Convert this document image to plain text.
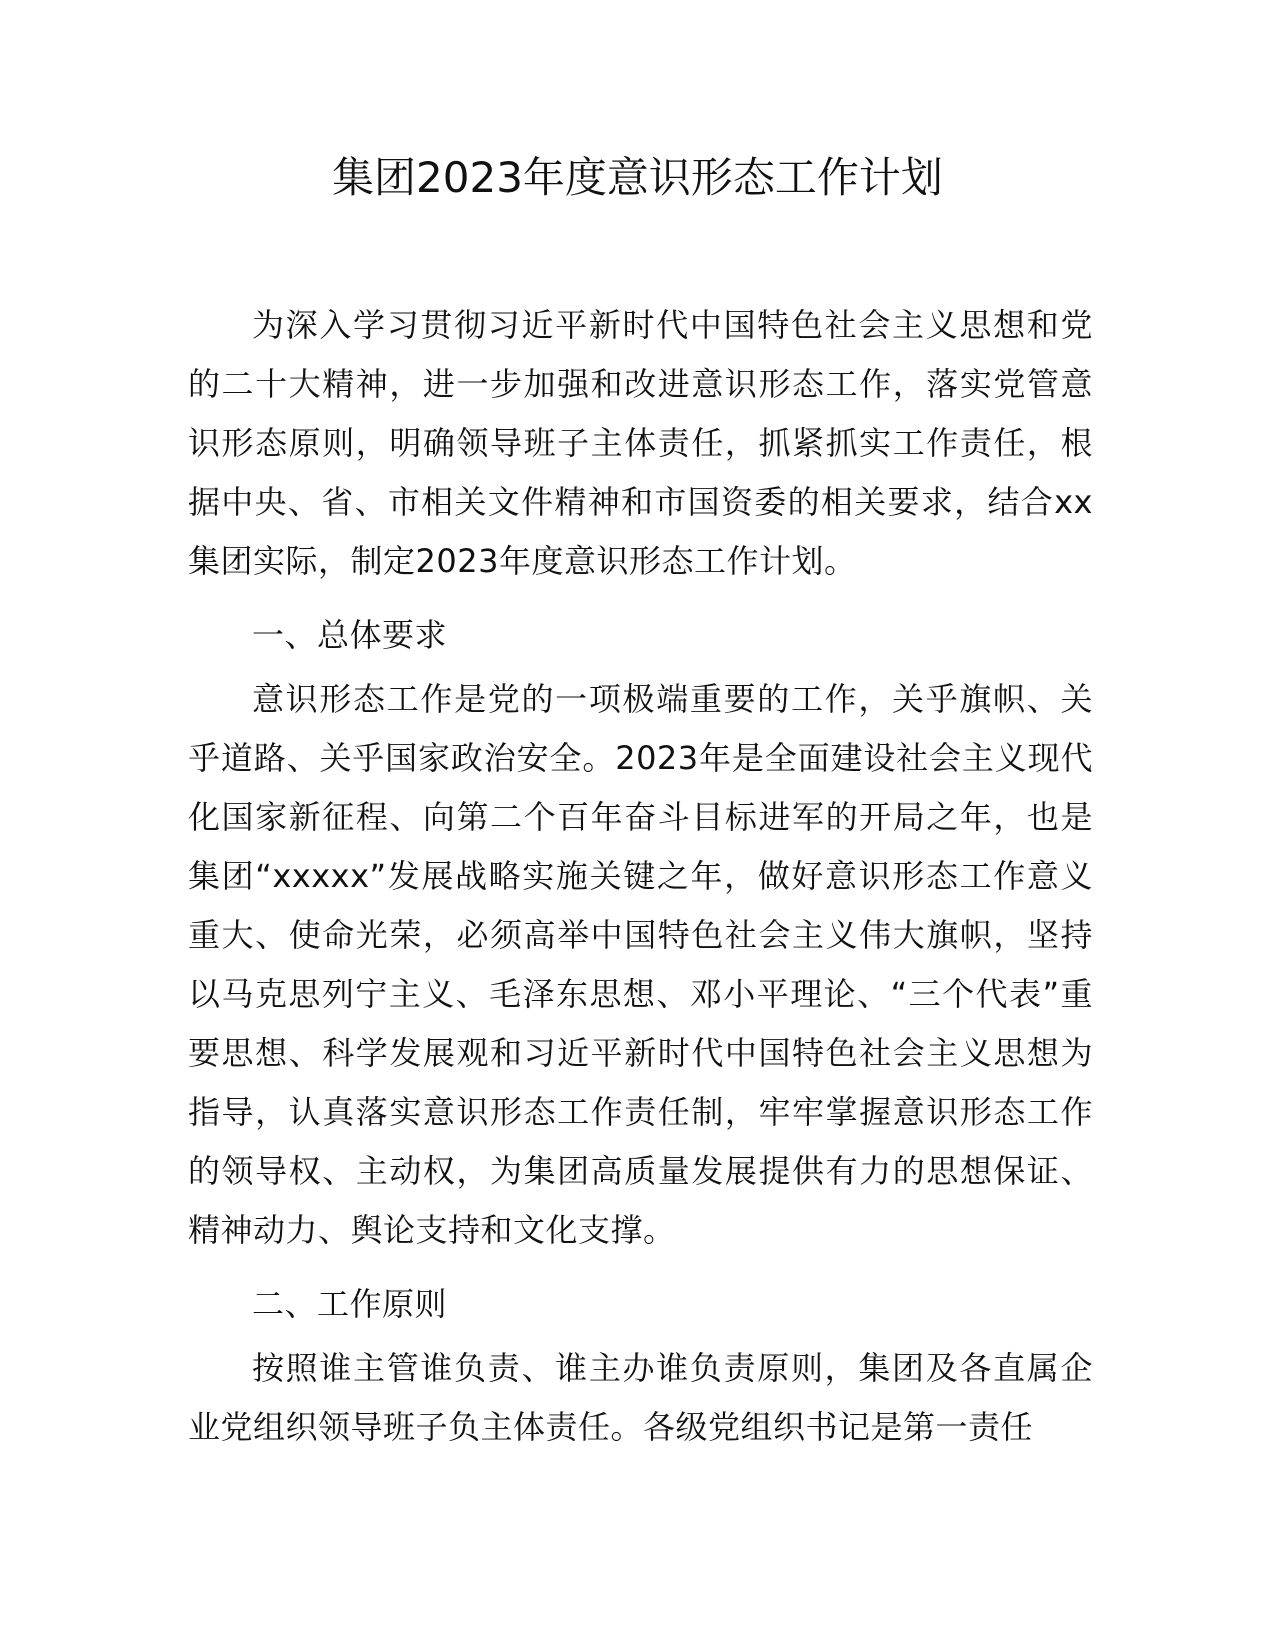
集团2023年度意识形态工作计划

为深入学习贯彻习近平新时代中国特色社会主义思想和党的二十大精神，进一步加强和改进意识形态工作，落实党管意识形态原则，明确领导班子主体责任，抓紧抓实工作责任，根据中央、省、市相关文件精神和市国资委的相关要求，结合xx集团实际，制定2023年度意识形态工作计划。

一、总体要求

意识形态工作是党的一项极端重要的工作，关乎旗帜、关乎道路、关乎国家政治安全。2023年是全面建设社会主义现代化国家新征程、向第二个百年奋斗目标进军的开局之年，也是集团“xxxxx”发展战略实施关键之年，做好意识形态工作意义重大、使命光荣，必须高举中国特色社会主义伟大旗帜，坚持以马克思列宁主义、毛泽东思想、邓小平理论、“三个代表”重要思想、科学发展观和习近平新时代中国特色社会主义思想为指导，认真落实意识形态工作责任制，牢牢掌握意识形态工作的领导权、主动权，为集团高质量发展提供有力的思想保证、精神动力、舆论支持和文化支撑。

二、工作原则

按照谁主管谁负责、谁主办谁负责原则，集团及各直属企业党组织领导班子负主体责任。各级党组织书记是第一责任
